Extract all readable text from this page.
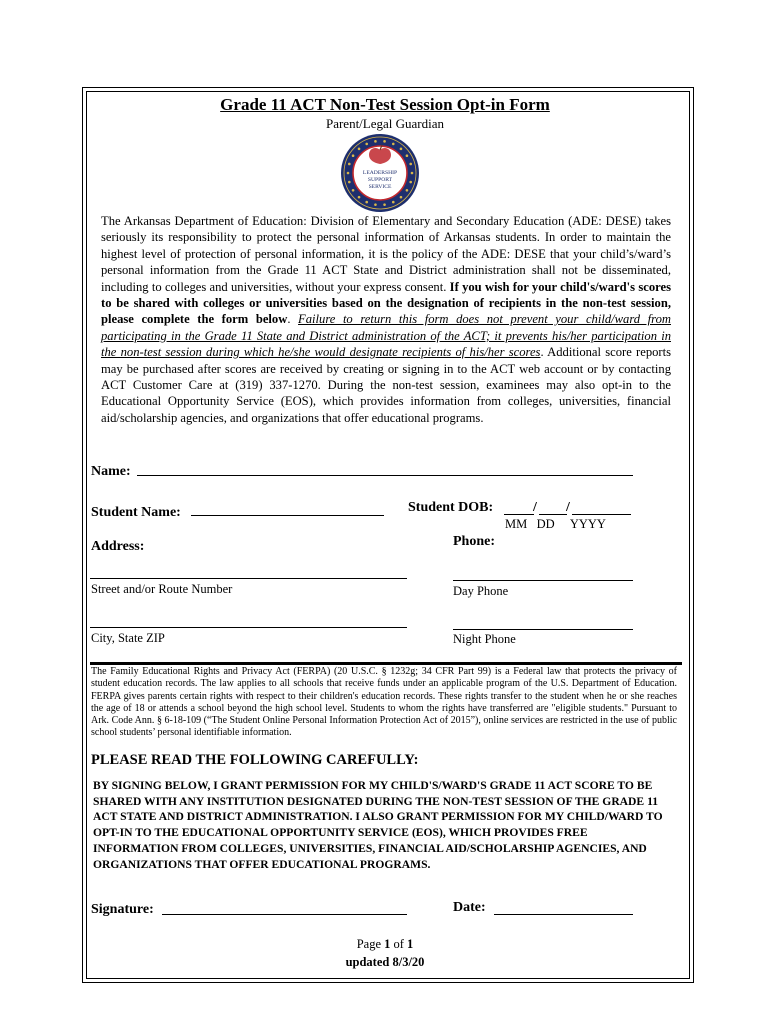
Grade 11 ACT Non-Test Session Opt-in Form
Parent/Legal Guardian
LEADERSHIP
SUPPORT
SERVICE
The Arkansas Department of Education: Division of Elementary and Secondary Education (ADE: DESE) takes seriously its responsibility to protect the personal information of Arkansas students. In order to maintain the highest level of protection of personal information, it is the policy of the ADE: DESE that your child’s/ward’s personal information from the Grade 11 ACT State and District administration shall not be disseminated, including to colleges and universities, without your express consent. If you wish for your child's/ward's scores to be shared with colleges or universities based on the designation of recipients in the non-test session, please complete the form below. Failure to return this form does not prevent your child/ward from participating in the Grade 11 State and District administration of the ACT; it prevents his/her participation in the non-test session during which he/she would designate recipients of his/her scores. Additional score reports may be purchased after scores are received by creating or signing in to the ACT web account or by contacting ACT Customer Care at (319) 337-1270. During the non-test session, examinees may also opt-in to the Educational Opportunity Service (EOS), which provides information from colleges, universities, financial aid/scholarship agencies, and organizations that offer educational programs.
Name:
Student Name:	Student DOB:	/ /
MM   DD     YYYY
Address:	Phone:
Street and/or Route Number	Day Phone
City, State ZIP	Night Phone
The Family Educational Rights and Privacy Act (FERPA) (20 U.S.C. § 1232g; 34 CFR Part 99) is a Federal law that protects the privacy of student education records. The law applies to all schools that receive funds under an applicable program of the U.S. Department of Education. FERPA gives parents certain rights with respect to their children's education records. These rights transfer to the student when he or she reaches the age of 18 or attends a school beyond the high school level. Students to whom the rights have transferred are "eligible students." Pursuant to Ark. Code Ann. § 6-18-109 (“The Student Online Personal Information Protection Act of 2015”), online services are restricted in the use of public school students’ personal identifiable information.
PLEASE READ THE FOLLOWING CAREFULLY:
BY SIGNING BELOW, I GRANT PERMISSION FOR MY CHILD'S/WARD'S GRADE 11 ACT SCORE TO BE SHARED WITH ANY INSTITUTION DESIGNATED DURING THE NON-TEST SESSION OF THE GRADE 11 ACT STATE AND DISTRICT ADMINISTRATION. I ALSO GRANT PERMISSION FOR MY CHILD/WARD TO OPT-IN TO THE EDUCATIONAL OPPORTUNITY SERVICE (EOS), WHICH PROVIDES FREE INFORMATION FROM COLLEGES, UNIVERSITIES, FINANCIAL AID/SCHOLARSHIP AGENCIES, AND ORGANIZATIONS THAT OFFER EDUCATIONAL PROGRAMS.
Signature:	Date:
Page 1 of 1
updated 8/3/20
